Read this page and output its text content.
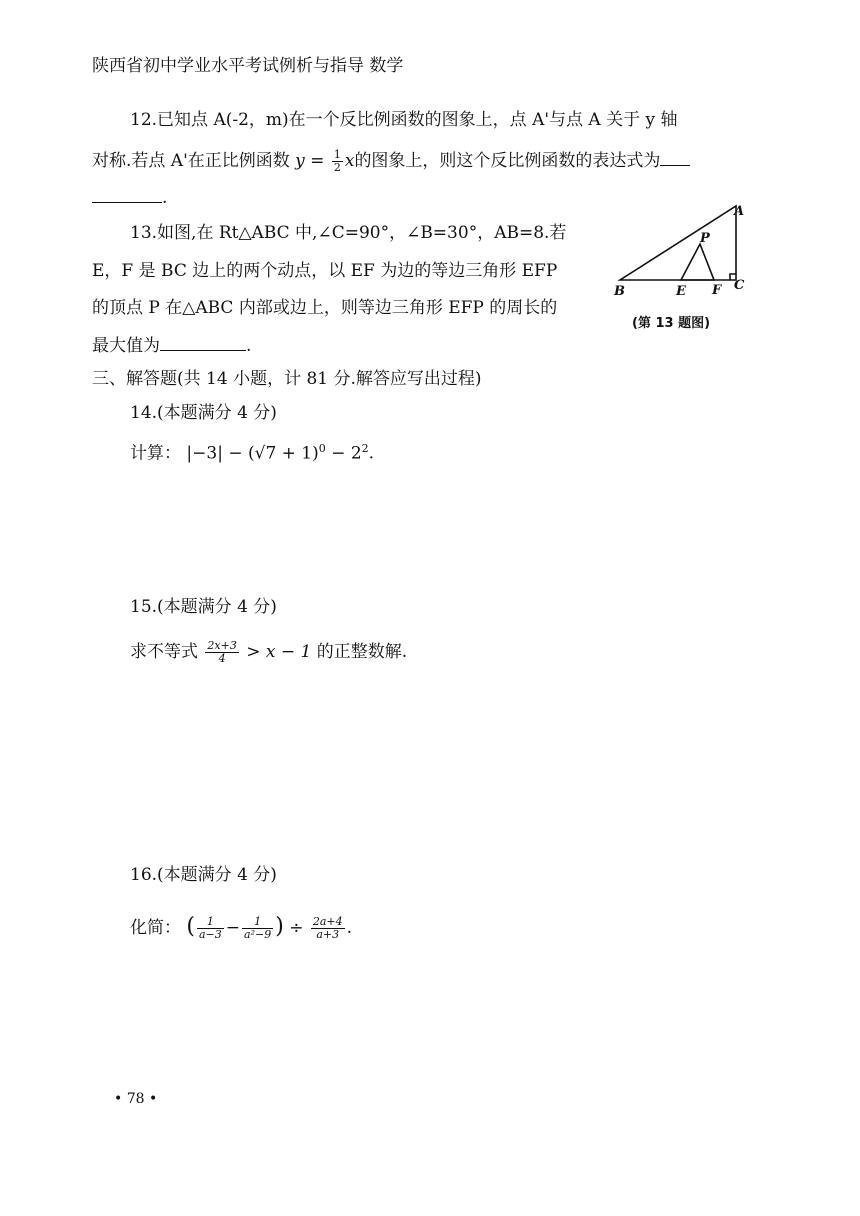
陕西省初中学业水平考试例析与指导 数学
12.已知点 A(-2，m)在一个反比例函数的图象上，点 A'与点 A 关于 y 轴
对称.若点 A'在正比例函数 $y = \frac{1}{2}$ x的图象上，则这个反比例函数的表达式为
.
13.如图,在 Rt△ABC 中,∠C=90°，∠B=30°，AB=8.若
E，F 是 BC 边上的两个动点，以 EF 为边的等边三角形 EFP
的顶点 P 在△ABC 内部或边上，则等边三角形 EFP 的周长的
最大值为	.
A
B	C
E F
P
(第 13 题图)
三、解答题(共 14 小题，计 81 分.解答应写出过程)
14.(本题满分 4 分)
计算： $|-3| - (√7 + 1)^0 - 2^2$.
15.(本题满分 4 分)
求不等式 $\frac{2x+3}{4} > x - 1$ 的正整数解.
16.(本题满分 4 分)
化简： ( $\frac{1}{a-3} - \frac{1}{\text{a²−9}}$ ) ÷ $\frac{2a+4}{a+3}$ .
• 78 •
